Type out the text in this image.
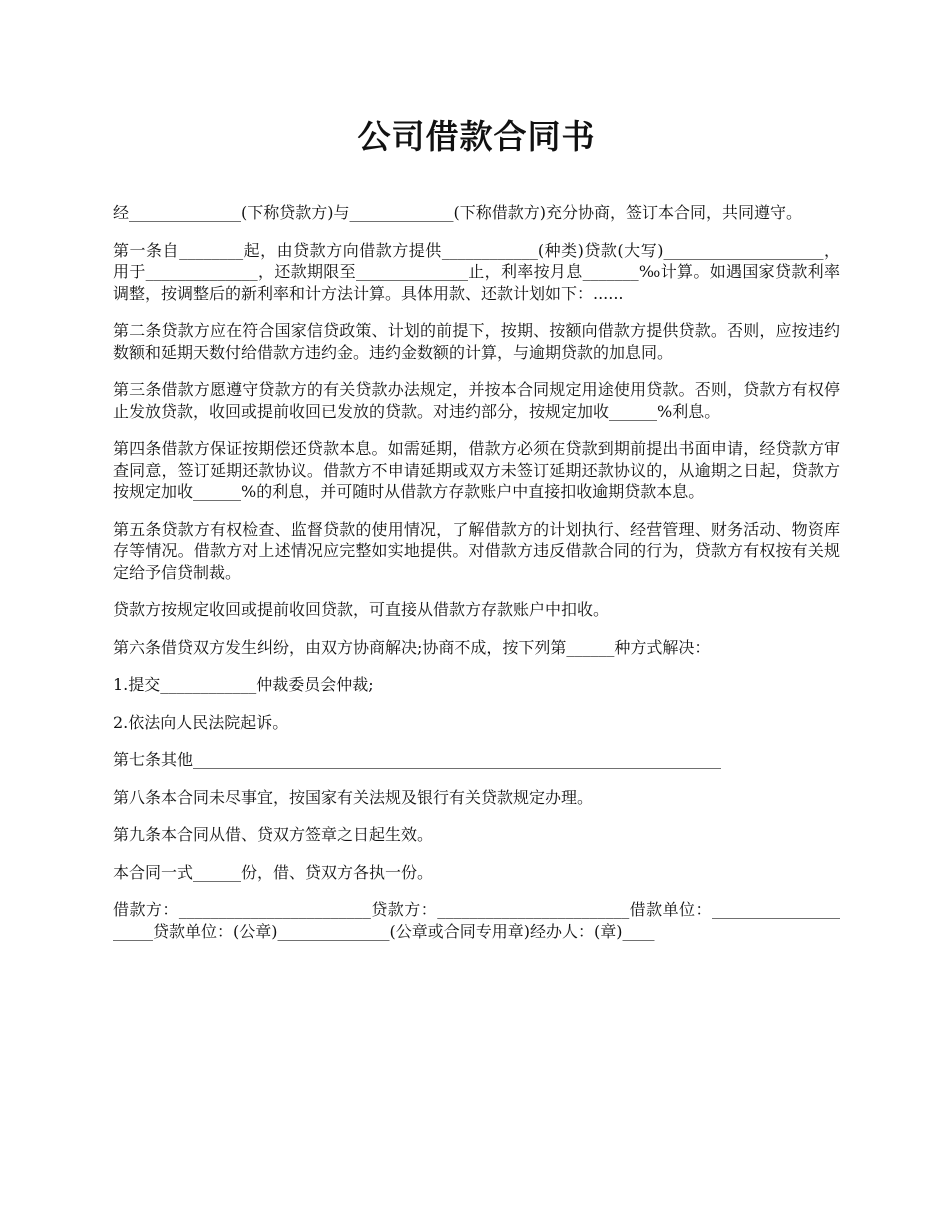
公司借款合同书

经______________(下称贷款方)与_____________(下称借款方)充分协商，签订本合同，共同遵守。

第一条自________起，由贷款方向借款方提供____________(种类)贷款(大写)____________________，用于______________，还款期限至______________止，利率按月息_______‰计算。如遇国家贷款利率调整，按调整后的新利率和计方法计算。具体用款、还款计划如下：......

第二条贷款方应在符合国家信贷政策、计划的前提下，按期、按额向借款方提供贷款。否则，应按违约数额和延期天数付给借款方违约金。违约金数额的计算，与逾期贷款的加息同。

第三条借款方愿遵守贷款方的有关贷款办法规定，并按本合同规定用途使用贷款。否则，贷款方有权停止发放贷款，收回或提前收回已发放的贷款。对违约部分，按规定加收______%利息。

第四条借款方保证按期偿还贷款本息。如需延期，借款方必须在贷款到期前提出书面申请，经贷款方审查同意，签订延期还款协议。借款方不申请延期或双方未签订延期还款协议的，从逾期之日起，贷款方按规定加收______%的利息，并可随时从借款方存款账户中直接扣收逾期贷款本息。

第五条贷款方有权检查、监督贷款的使用情况，了解借款方的计划执行、经营管理、财务活动、物资库存等情况。借款方对上述情况应完整如实地提供。对借款方违反借款合同的行为，贷款方有权按有关规定给予信贷制裁。

贷款方按规定收回或提前收回贷款，可直接从借款方存款账户中扣收。

第六条借贷双方发生纠纷，由双方协商解决;协商不成，按下列第______种方式解决：

1.提交____________仲裁委员会仲裁;

2.依法向人民法院起诉。

第七条其他__________________________________________________________________

第八条本合同未尽事宜，按国家有关法规及银行有关贷款规定办理。

第九条本合同从借、贷双方签章之日起生效。

本合同一式______份，借、贷双方各执一份。

借款方：________________________贷款方：________________________借款单位：_____________________贷款单位：(公章)______________(公章或合同专用章)经办人：(章)____
